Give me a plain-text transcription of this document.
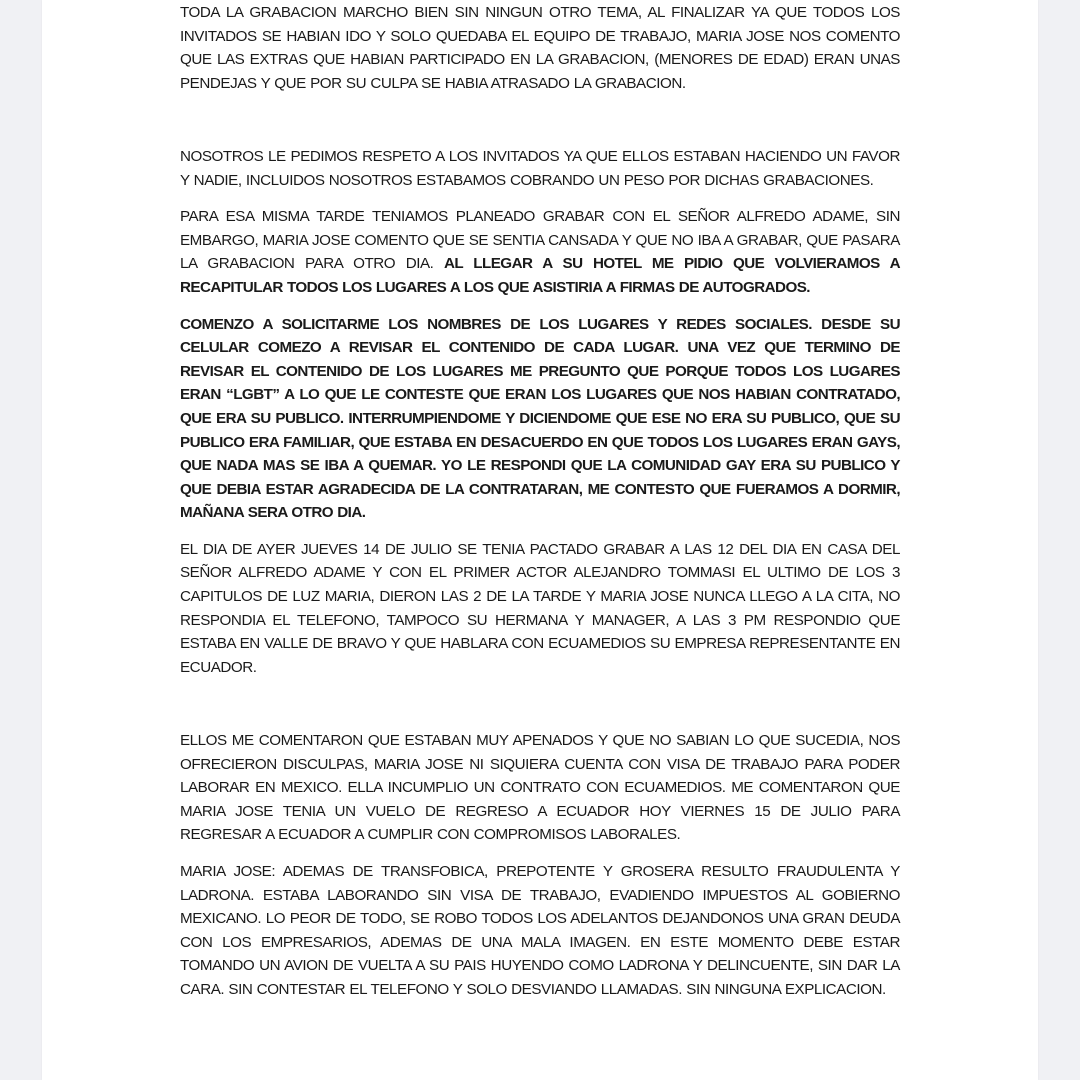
TODA LA GRABACION MARCHO BIEN SIN NINGUN OTRO TEMA, AL FINALIZAR YA QUE TODOS LOS INVITADOS SE HABIAN IDO Y SOLO QUEDABA EL EQUIPO DE TRABAJO, MARIA JOSE NOS COMENTO QUE LAS EXTRAS QUE HABIAN PARTICIPADO EN LA GRABACION, (MENORES DE EDAD) ERAN UNAS PENDEJAS Y QUE POR SU CULPA SE HABIA ATRASADO LA GRABACION.

NOSOTROS LE PEDIMOS RESPETO A LOS INVITADOS YA QUE ELLOS ESTABAN HACIENDO UN FAVOR Y NADIE, INCLUIDOS NOSOTROS ESTABAMOS COBRANDO UN PESO POR DICHAS GRABACIONES.

PARA ESA MISMA TARDE TENIAMOS PLANEADO GRABAR CON EL SEÑOR ALFREDO ADAME, SIN EMBARGO, MARIA JOSE COMENTO QUE SE SENTIA CANSADA Y QUE NO IBA A GRABAR, QUE PASARA LA GRABACION PARA OTRO DIA. AL LLEGAR A SU HOTEL ME PIDIO QUE VOLVIERAMOS A RECAPITULAR TODOS LOS LUGARES A LOS QUE ASISTIRIA A FIRMAS DE AUTOGRADOS.

COMENZO A SOLICITARME LOS NOMBRES DE LOS LUGARES Y REDES SOCIALES. DESDE SU CELULAR COMEZO A REVISAR EL CONTENIDO DE CADA LUGAR. UNA VEZ QUE TERMINO DE REVISAR EL CONTENIDO DE LOS LUGARES ME PREGUNTO QUE PORQUE TODOS LOS LUGARES ERAN “LGBT” A LO QUE LE CONTESTE QUE ERAN LOS LUGARES QUE NOS HABIAN CONTRATADO, QUE ERA SU PUBLICO. INTERRUMPIENDOME Y DICIENDOME QUE ESE NO ERA SU PUBLICO, QUE SU PUBLICO ERA FAMILIAR, QUE ESTABA EN DESACUERDO EN QUE TODOS LOS LUGARES ERAN GAYS, QUE NADA MAS SE IBA A QUEMAR. YO LE RESPONDI QUE LA COMUNIDAD GAY ERA SU PUBLICO Y QUE DEBIA ESTAR AGRADECIDA DE LA CONTRATARAN, ME CONTESTO QUE FUERAMOS A DORMIR, MAÑANA SERA OTRO DIA.

EL DIA DE AYER JUEVES 14 DE JULIO SE TENIA PACTADO GRABAR A LAS 12 DEL DIA EN CASA DEL SEÑOR ALFREDO ADAME Y CON EL PRIMER ACTOR ALEJANDRO TOMMASI EL ULTIMO DE LOS 3 CAPITULOS DE LUZ MARIA, DIERON LAS 2 DE LA TARDE Y MARIA JOSE NUNCA LLEGO A LA CITA, NO RESPONDIA EL TELEFONO, TAMPOCO SU HERMANA Y MANAGER, A LAS 3 PM RESPONDIO QUE ESTABA EN VALLE DE BRAVO Y QUE HABLARA CON ECUAMEDIOS SU EMPRESA REPRESENTANTE EN ECUADOR.

ELLOS ME COMENTARON QUE ESTABAN MUY APENADOS Y QUE NO SABIAN LO QUE SUCEDIA, NOS OFRECIERON DISCULPAS, MARIA JOSE NI SIQUIERA CUENTA CON VISA DE TRABAJO PARA PODER LABORAR EN MEXICO. ELLA INCUMPLIO UN CONTRATO CON ECUAMEDIOS. ME COMENTARON QUE MARIA JOSE TENIA UN VUELO DE REGRESO A ECUADOR HOY VIERNES 15 DE JULIO PARA REGRESAR A ECUADOR A CUMPLIR CON COMPROMISOS LABORALES.

MARIA JOSE: ADEMAS DE TRANSFOBICA, PREPOTENTE Y GROSERA RESULTO FRAUDULENTA Y LADRONA. ESTABA LABORANDO SIN VISA DE TRABAJO, EVADIENDO IMPUESTOS AL GOBIERNO MEXICANO. LO PEOR DE TODO, SE ROBO TODOS LOS ADELANTOS DEJANDONOS UNA GRAN DEUDA CON LOS EMPRESARIOS, ADEMAS DE UNA MALA IMAGEN. EN ESTE MOMENTO DEBE ESTAR TOMANDO UN AVION DE VUELTA A SU PAIS HUYENDO COMO LADRONA Y DELINCUENTE, SIN DAR LA CARA. SIN CONTESTAR EL TELEFONO Y SOLO DESVIANDO LLAMADAS. SIN NINGUNA EXPLICACION.
